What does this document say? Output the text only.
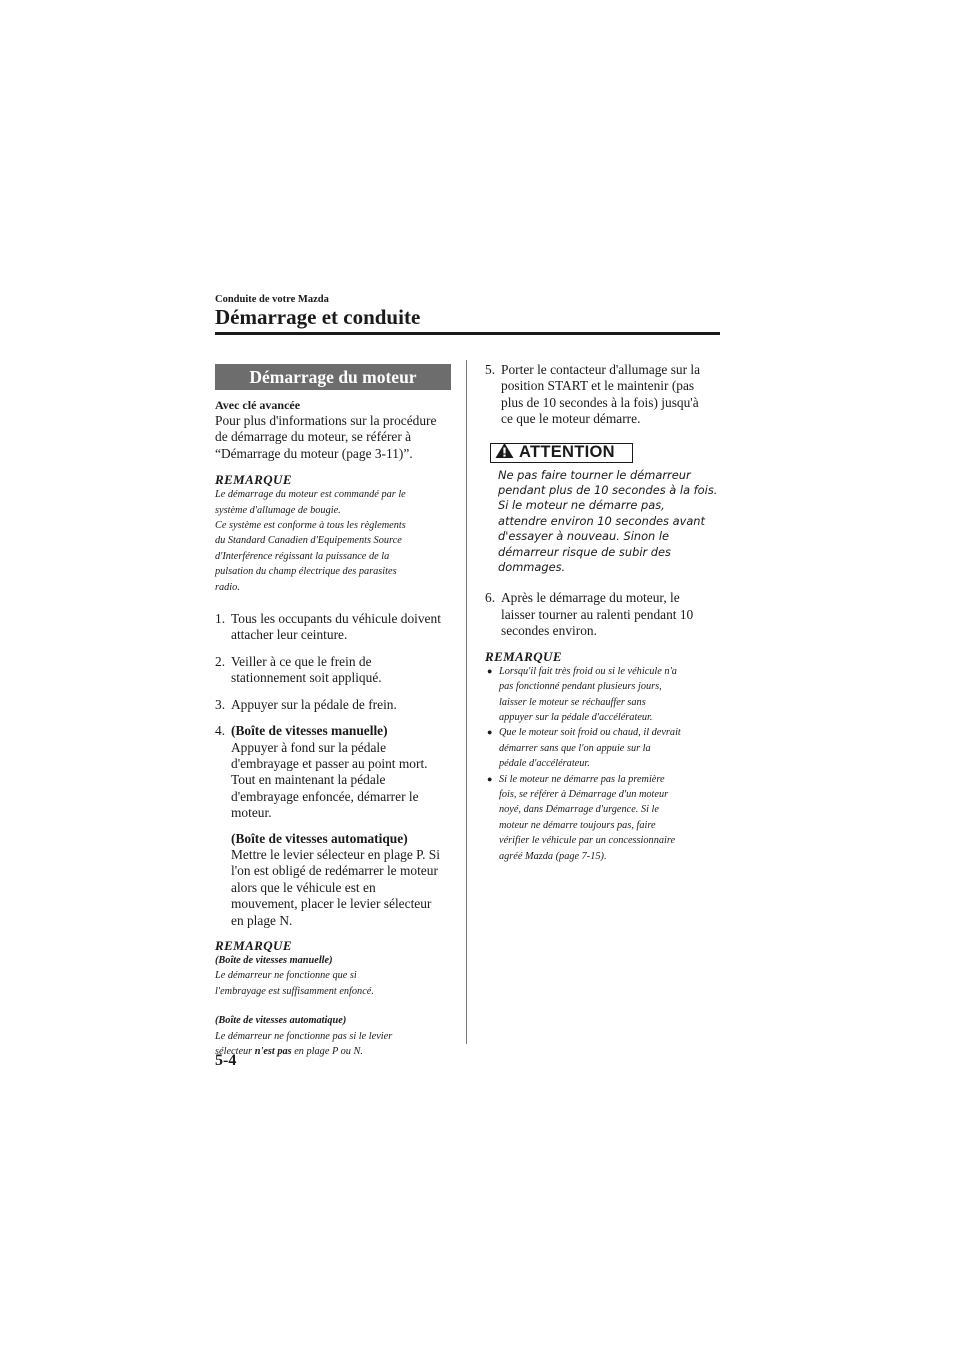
Conduite de votre Mazda
Démarrage et conduite
Démarrage du moteur

Avec clé avancée

Pour plus d'informations sur la procédure
de démarrage du moteur, se référer à
“Démarrage du moteur (page 3-11)”.
REMARQUE
Le démarrage du moteur est commandé par le
système d'allumage de bougie.
Ce système est conforme à tous les règlements
du Standard Canadien d'Equipements Source
d'Interférence régissant la puissance de la
pulsation du champ électrique des parasites
radio.
1. Tous les occupants du véhicule doivent
attacher leur ceinture.
2. Veiller à ce que le frein de
stationnement soit appliqué.
3. Appuyer sur la pédale de frein.
4. (Boîte de vitesses manuelle)
Appuyer à fond sur la pédale
d'embrayage et passer au point mort.
Tout en maintenant la pédale
d'embrayage enfoncée, démarrer le
moteur.
(Boîte de vitesses automatique)
Mettre le levier sélecteur en plage P. Si
l'on est obligé de redémarrer le moteur
alors que le véhicule est en
mouvement, placer le levier sélecteur
en plage N.
REMARQUE
(Boîte de vitesses manuelle)
Le démarreur ne fonctionne que si
l'embrayage est suffisamment enfoncé.
(Boîte de vitesses automatique)
Le démarreur ne fonctionne pas si le levier
sélecteur n'est pas en plage P ou N.
5. Porter le contacteur d'allumage sur la
position START et le maintenir (pas
plus de 10 secondes à la fois) jusqu'à
ce que le moteur démarre.
ATTENTION
Ne pas faire tourner le démarreur
pendant plus de 10 secondes à la fois.
Si le moteur ne démarre pas,
attendre environ 10 secondes avant
d'essayer à nouveau. Sinon le
démarreur risque de subir des
dommages.
6. Après le démarrage du moteur, le
laisser tourner au ralenti pendant 10
secondes environ.
REMARQUE
● Lorsqu'il fait très froid ou si le véhicule n'a
pas fonctionné pendant plusieurs jours,
laisser le moteur se réchauffer sans
appuyer sur la pédale d'accélérateur.
● Que le moteur soit froid ou chaud, il devrait
démarrer sans que l'on appuie sur la
pédale d'accélérateur.
● Si le moteur ne démarre pas la première
fois, se référer à Démarrage d'un moteur
noyé, dans Démarrage d'urgence. Si le
moteur ne démarre toujours pas, faire
vérifier le véhicule par un concessionnaire
agréé Mazda (page 7-15).
5-4
